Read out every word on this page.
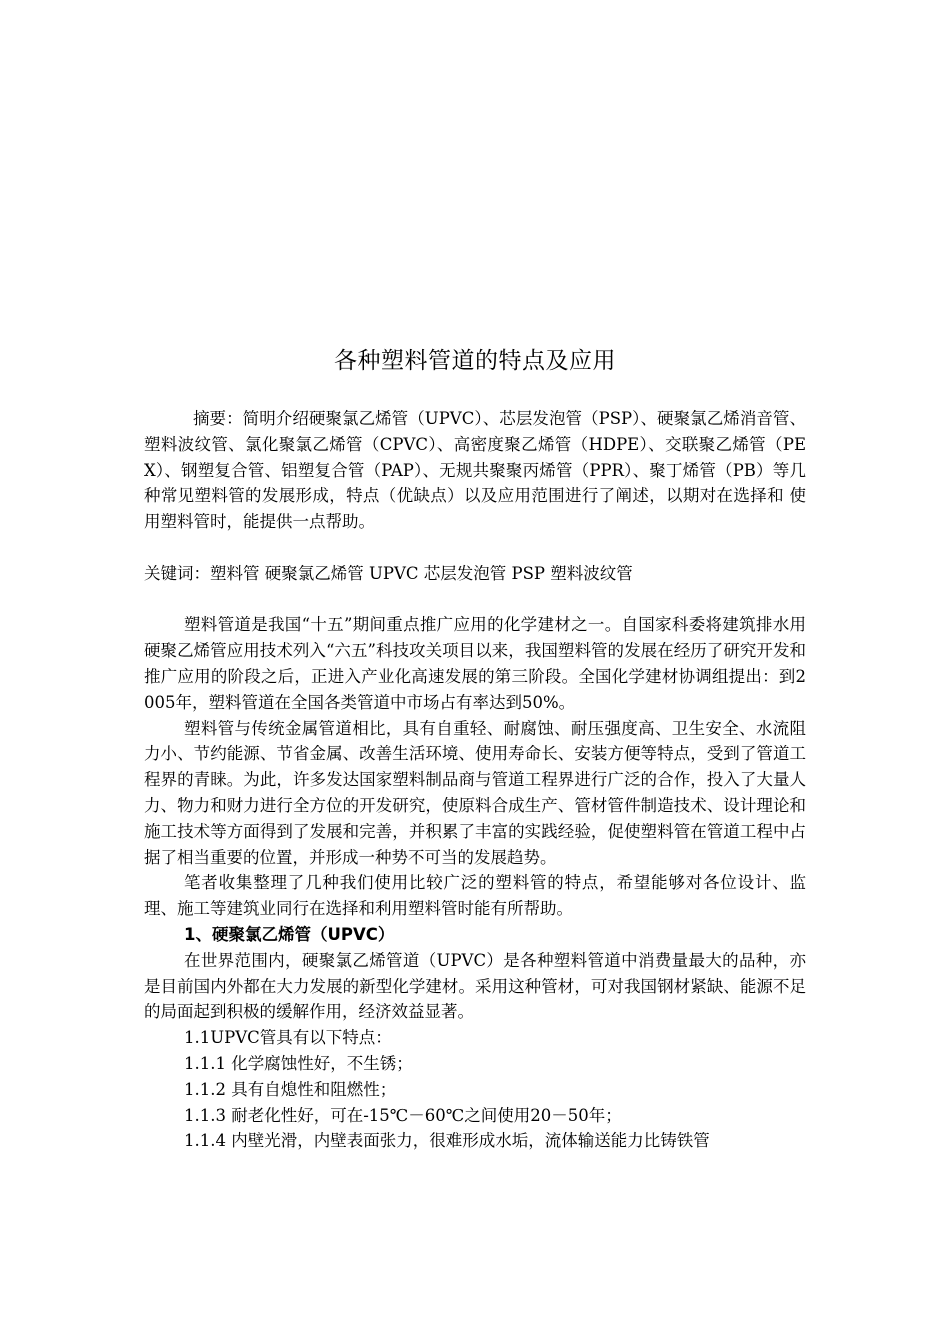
各种塑料管道的特点及应用

摘要：简明介绍硬聚氯乙烯管（UPVC）、芯层发泡管（PSP）、硬聚氯乙烯消音管、塑料波纹管、氯化聚氯乙烯管（CPVC）、高密度聚乙烯管（HDPE）、交联聚乙烯管（PEX）、钢塑复合管、铝塑复合管（PAP）、无规共聚聚丙烯管（PPR）、聚丁烯管（PB）等几种常见塑料管的发展形成，特点（优缺点）以及应用范围进行了阐述，以期对在选择和 使用塑料管时，能提供一点帮助。

关键词：塑料管 硬聚氯乙烯管 UPVC 芯层发泡管 PSP 塑料波纹管

塑料管道是我国“十五”期间重点推广应用的化学建材之一。自国家科委将建筑排水用硬聚乙烯管应用技术列入“六五”科技攻关项目以来，我国塑料管的发展在经历了研究开发和推广应用的阶段之后，正进入产业化高速发展的第三阶段。全国化学建材协调组提出：到2005年，塑料管道在全国各类管道中市场占有率达到50%。

塑料管与传统金属管道相比，具有自重轻、耐腐蚀、耐压强度高、卫生安全、水流阻力小、节约能源、节省金属、改善生活环境、使用寿命长、安装方便等特点，受到了管道工程界的青睐。为此，许多发达国家塑料制品商与管道工程界进行广泛的合作，投入了大量人力、物力和财力进行全方位的开发研究，使原料合成生产、管材管件制造技术、设计理论和施工技术等方面得到了发展和完善，并积累了丰富的实践经验，促使塑料管在管道工程中占据了相当重要的位置，并形成一种势不可当的发展趋势。

笔者收集整理了几种我们使用比较广泛的塑料管的特点，希望能够对各位设计、监理、施工等建筑业同行在选择和利用塑料管时能有所帮助。

1、硬聚氯乙烯管（UPVC）

在世界范围内，硬聚氯乙烯管道（UPVC）是各种塑料管道中消费量最大的品种，亦是目前国内外都在大力发展的新型化学建材。采用这种管材，可对我国钢材紧缺、能源不足的局面起到积极的缓解作用，经济效益显著。

1.1UPVC管具有以下特点：

1.1.1 化学腐蚀性好，不生锈；

1.1.2 具有自熄性和阻燃性；

1.1.3 耐老化性好，可在-15℃－60℃之间使用20－50年；

1.1.4 内壁光滑，内壁表面张力，很难形成水垢，流体输送能力比铸铁管
